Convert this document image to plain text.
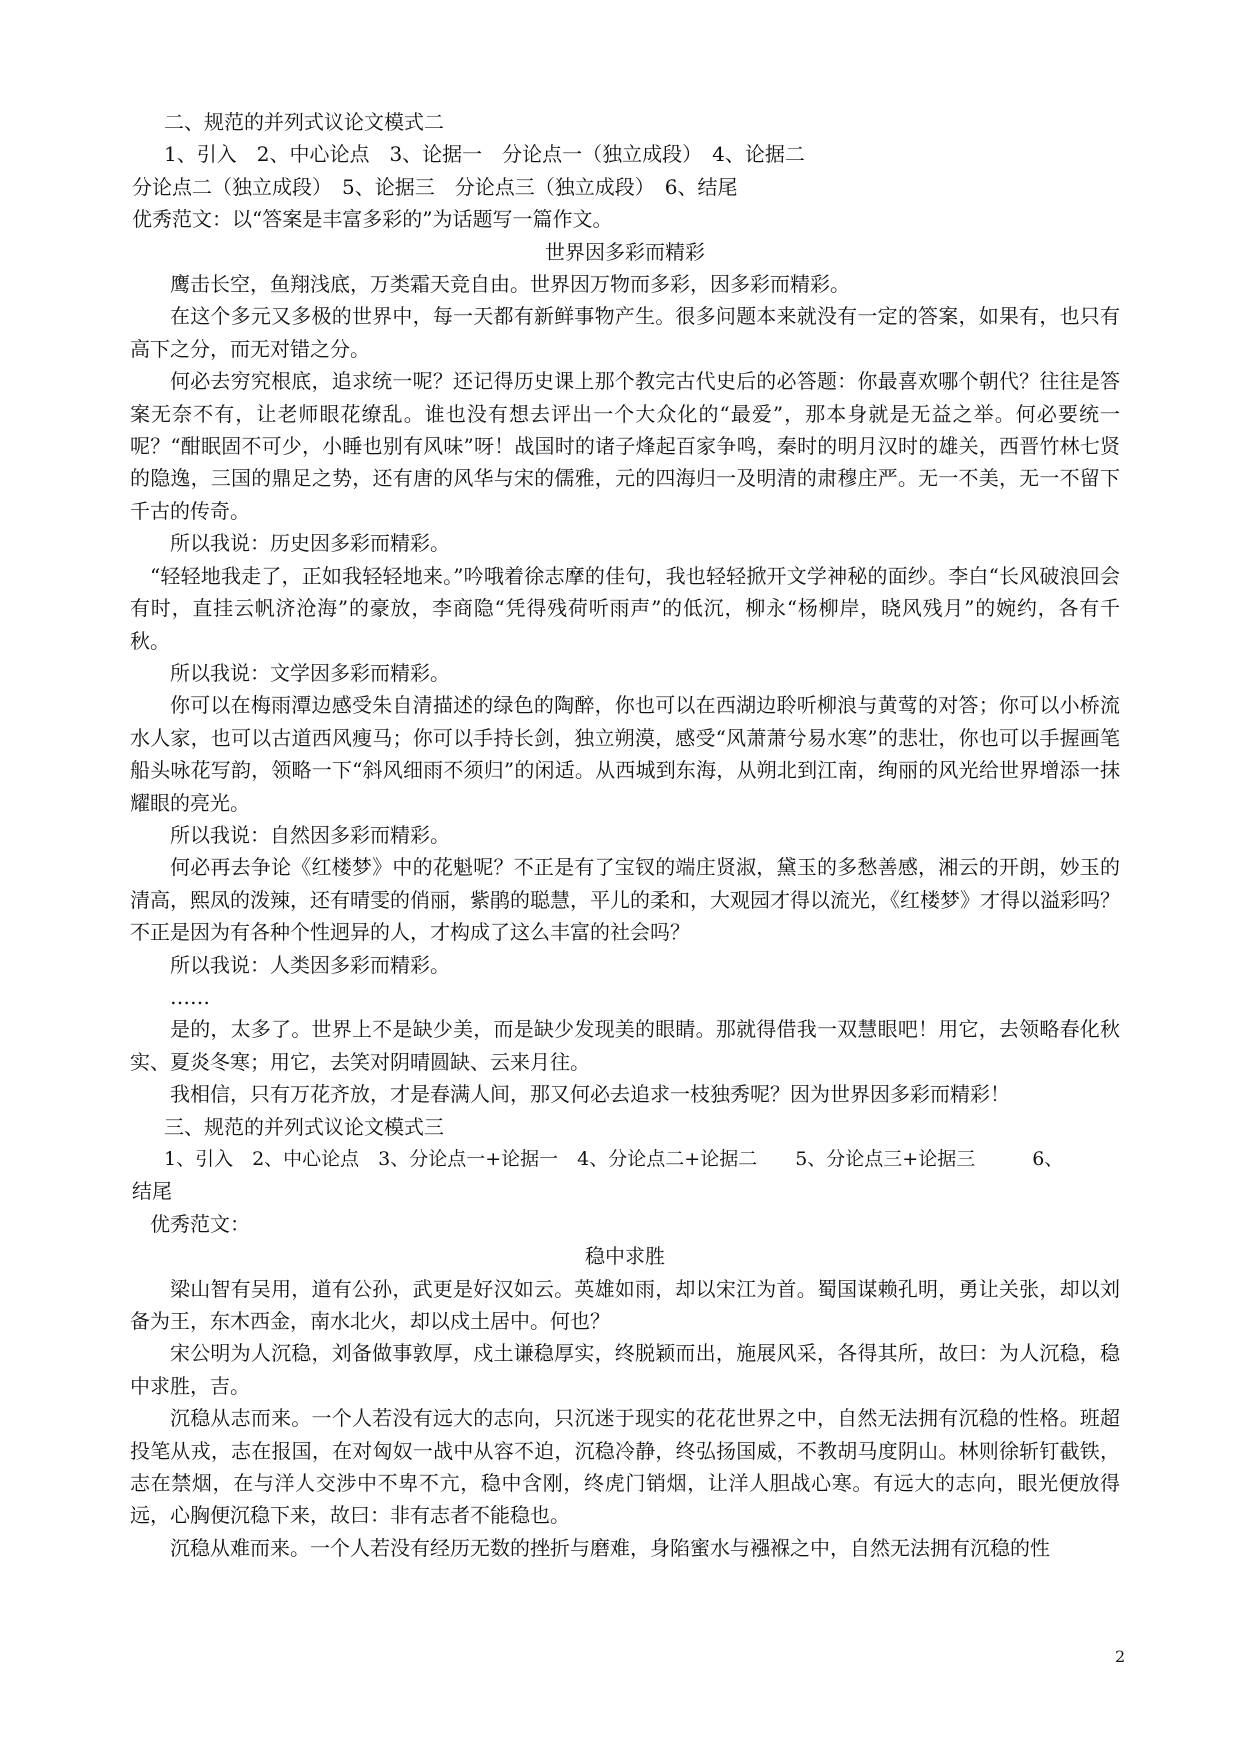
二、规范的并列式议论文模式二

1、引入　2、中心论点　3、论据一　分论点一（独立成段）　4、论据二

分论点二（独立成段）　5、论据三　分论点三（独立成段）　6、结尾

优秀范文：以“答案是丰富多彩的”为话题写一篇作文。

世界因多彩而精彩

鹰击长空，鱼翔浅底，万类霜天竞自由。世界因万物而多彩，因多彩而精彩。

在这个多元又多极的世界中，每一天都有新鲜事物产生。很多问题本来就没有一定的答案，如果有，也只有高下之分，而无对错之分。

何必去穷究根底，追求统一呢？还记得历史课上那个教完古代史后的必答题：你最喜欢哪个朝代？往往是答案无奈不有，让老师眼花缭乱。谁也没有想去评出一个大众化的“最爱”，那本身就是无益之举。何必要统一呢？“酣眠固不可少，小睡也别有风味”呀！战国时的诸子烽起百家争鸣，秦时的明月汉时的雄关，西晋竹林七贤的隐逸，三国的鼎足之势，还有唐的风华与宋的儒雅，元的四海归一及明清的肃穆庄严。无一不美，无一不留下千古的传奇。

所以我说：历史因多彩而精彩。

“轻轻地我走了，正如我轻轻地来。”吟哦着徐志摩的佳句，我也轻轻掀开文学神秘的面纱。李白“长风破浪回会有时，直挂云帆济沧海”的豪放，李商隐“凭得残荷听雨声”的低沉，柳永“杨柳岸，晓风残月”的婉约，各有千秋。

所以我说：文学因多彩而精彩。

你可以在梅雨潭边感受朱自清描述的绿色的陶醉，你也可以在西湖边聆听柳浪与黄莺的对答；你可以小桥流水人家，也可以古道西风瘦马；你可以手持长剑，独立朔漠，感受“风萧萧兮易水寒”的悲壮，你也可以手握画笔船头咏花写韵，领略一下“斜风细雨不须归”的闲适。从西城到东海，从朔北到江南，绚丽的风光给世界增添一抹耀眼的亮光。

所以我说：自然因多彩而精彩。

何必再去争论《红楼梦》中的花魁呢？不正是有了宝钗的端庄贤淑，黛玉的多愁善感，湘云的开朗，妙玉的清高，熙凤的泼辣，还有晴雯的俏丽，紫鹃的聪慧，平儿的柔和，大观园才得以流光，《红楼梦》才得以溢彩吗？不正是因为有各种个性迥异的人，才构成了这么丰富的社会吗？

所以我说：人类因多彩而精彩。

……

是的，太多了。世界上不是缺少美，而是缺少发现美的眼睛。那就得借我一双慧眼吧！用它，去领略春化秋实、夏炎冬寒；用它，去笑对阴晴圆缺、云来月往。

我相信，只有万花齐放，才是春满人间，那又何必去追求一枝独秀呢？因为世界因多彩而精彩！

三、规范的并列式议论文模式三

1、引入　2、中心论点　3、分论点一+论据一　4、分论点二+论据二　　5、分论点三+论据三　　　6、

结尾

优秀范文：

稳中求胜

梁山智有吴用，道有公孙，武更是好汉如云。英雄如雨，却以宋江为首。蜀国谋赖孔明，勇让关张，却以刘备为王，东木西金，南水北火，却以戍土居中。何也？

宋公明为人沉稳，刘备做事敦厚，戍土谦稳厚实，终脱颖而出，施展风采，各得其所，故曰：为人沉稳，稳中求胜，吉。

沉稳从志而来。一个人若没有远大的志向，只沉迷于现实的花花世界之中，自然无法拥有沉稳的性格。班超投笔从戎，志在报国，在对匈奴一战中从容不迫，沉稳冷静，终弘扬国威，不教胡马度阴山。林则徐斩钉截铁，志在禁烟，在与洋人交涉中不卑不亢，稳中含刚，终虎门销烟，让洋人胆战心寒。有远大的志向，眼光便放得远，心胸便沉稳下来，故曰：非有志者不能稳也。

沉稳从难而来。一个人若没有经历无数的挫折与磨难，身陷蜜水与襁褓之中，自然无法拥有沉稳的性

2
